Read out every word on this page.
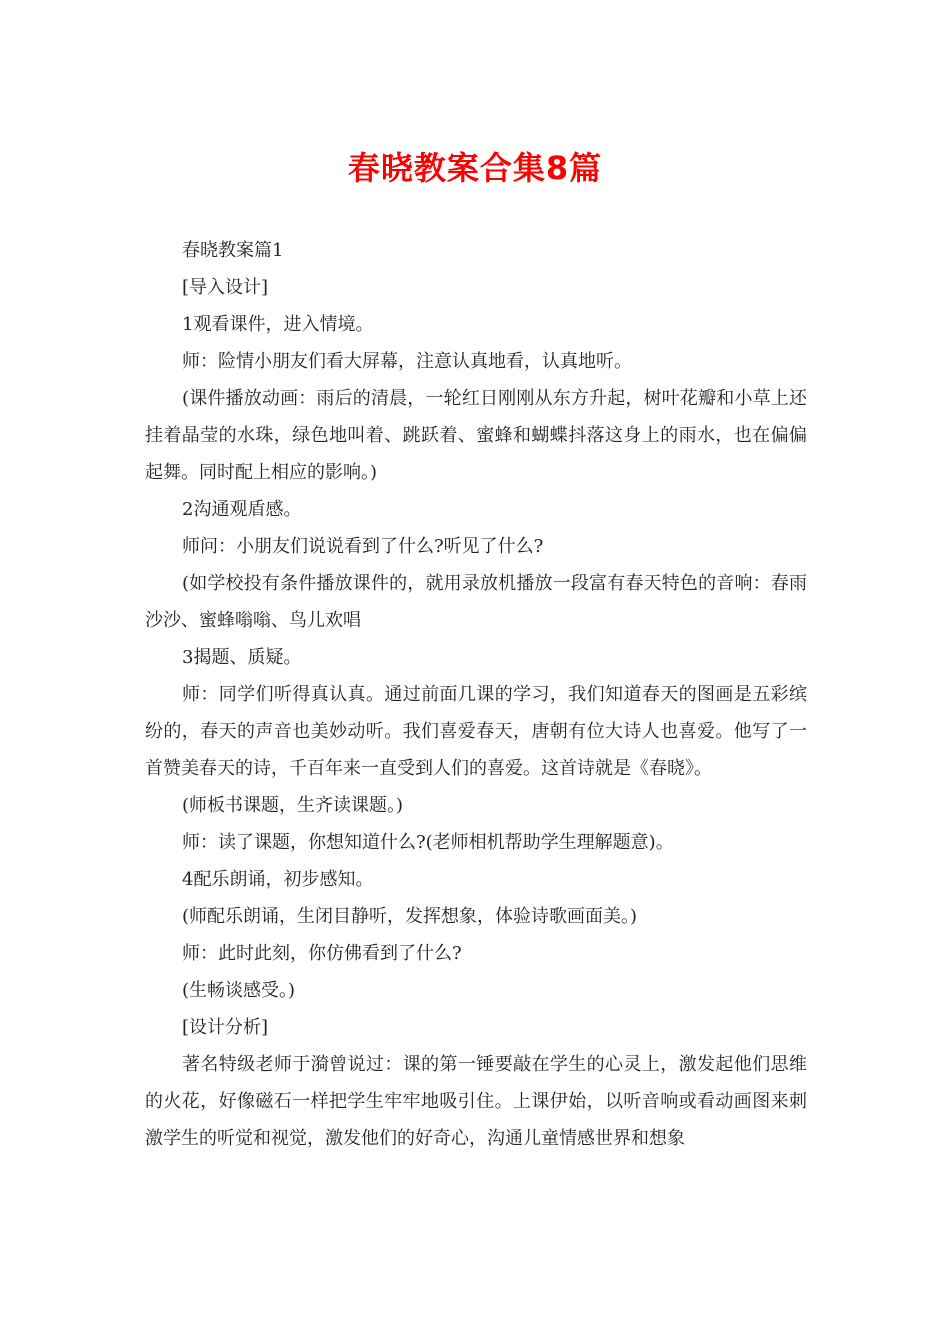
春晓教案合集8篇

春晓教案篇1

[导入设计]

1观看课件，进入情境。

师：险情小朋友们看大屏幕，注意认真地看，认真地听。

(课件播放动画：雨后的清晨，一轮红日刚刚从东方升起，树叶花瓣和小草上还挂着晶莹的水珠，绿色地叫着、跳跃着、蜜蜂和蝴蝶抖落这身上的雨水，也在偏偏起舞。同时配上相应的影响。)

2沟通观盾感。

师问：小朋友们说说看到了什么?听见了什么?

(如学校投有条件播放课件的，就用录放机播放一段富有春天特色的音响：春雨沙沙、蜜蜂嗡嗡、鸟儿欢唱

3揭题、质疑。

师：同学们听得真认真。通过前面几课的学习，我们知道春天的图画是五彩缤纷的，春天的声音也美妙动听。我们喜爱春天，唐朝有位大诗人也喜爱。他写了一首赞美春天的诗，千百年来一直受到人们的喜爱。这首诗就是《春晓》。

(师板书课题，生齐读课题。)

师：读了课题，你想知道什么?(老师相机帮助学生理解题意)。

4配乐朗诵，初步感知。

(师配乐朗诵，生闭目静听，发挥想象，体验诗歌画面美。)

师：此时此刻，你仿佛看到了什么?

(生畅谈感受。)

[设计分析]

著名特级老师于漪曾说过：课的第一锤要敲在学生的心灵上，激发起他们思维的火花，好像磁石一样把学生牢牢地吸引住。上课伊始，以听音响或看动画图来刺激学生的听觉和视觉，激发他们的好奇心，沟通儿童情感世界和想象
